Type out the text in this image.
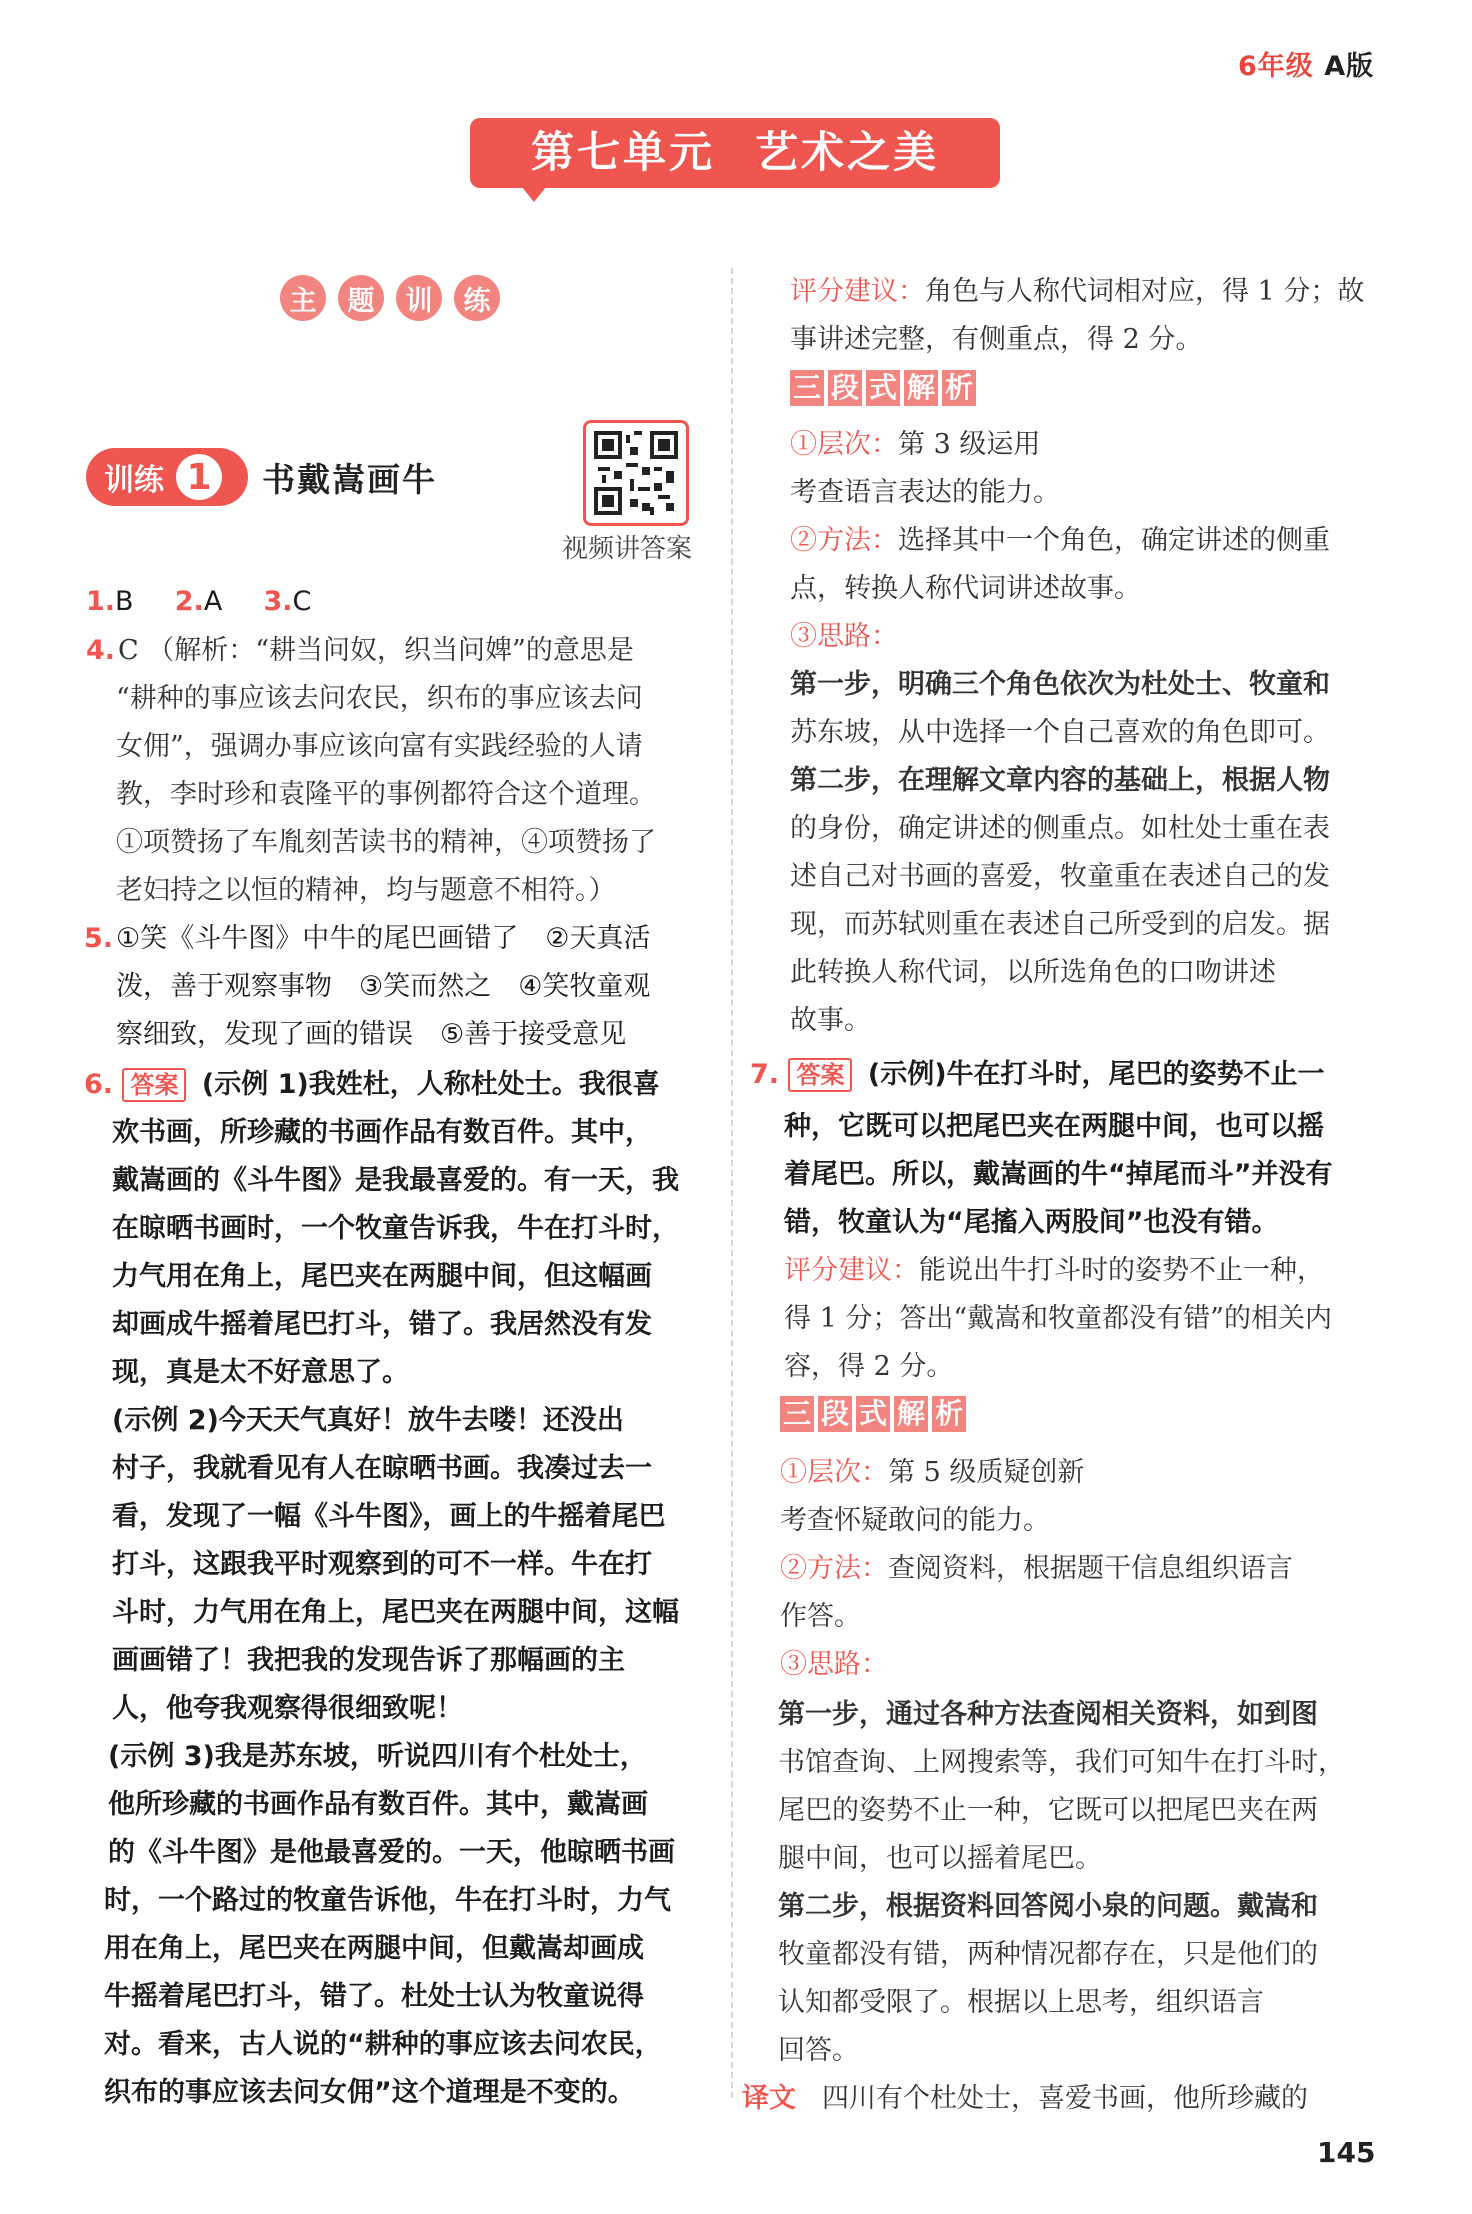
6年级 A版
第七单元 艺术之美
主	题	训	练
训练 1	书戴嵩画牛
视频讲答案
1.B 2.A 3.C
4. C （解析：“耕当问奴，织当问婢”的意思是
“耕种的事应该去问农民，织布的事应该去问
女佣”，强调办事应该向富有实践经验的人请
教，李时珍和袁隆平的事例都符合这个道理。
①项赞扬了车胤刻苦读书的精神，④项赞扬了
老妇持之以恒的精神，均与题意不相符。）
5. ①笑《斗牛图》中牛的尾巴画错了　②天真活
泼，善于观察事物　③笑而然之　④笑牧童观
察细致，发现了画的错误　⑤善于接受意见
6. 答案 (示例 1)我姓杜，人称杜处士。我很喜
欢书画，所珍藏的书画作品有数百件。其中，
戴嵩画的《斗牛图》是我最喜爱的。有一天，我
在晾晒书画时，一个牧童告诉我，牛在打斗时，
力气用在角上，尾巴夹在两腿中间，但这幅画
却画成牛摇着尾巴打斗，错了。我居然没有发
现，真是太不好意思了。
(示例 2)今天天气真好！放牛去喽！还没出
村子，我就看见有人在晾晒书画。我凑过去一
看，发现了一幅《斗牛图》，画上的牛摇着尾巴
打斗，这跟我平时观察到的可不一样。牛在打
斗时，力气用在角上，尾巴夹在两腿中间，这幅
画画错了！我把我的发现告诉了那幅画的主
人，他夸我观察得很细致呢！
(示例 3)我是苏东坡，听说四川有个杜处士，
他所珍藏的书画作品有数百件。其中，戴嵩画
的《斗牛图》是他最喜爱的。一天，他晾晒书画
时，一个路过的牧童告诉他，牛在打斗时，力气
用在角上，尾巴夹在两腿中间，但戴嵩却画成
牛摇着尾巴打斗，错了。杜处士认为牧童说得
对。看来，古人说的“耕种的事应该去问农民，
织布的事应该去问女佣”这个道理是不变的。
评分建议：角色与人称代词相对应，得 1 分；故
事讲述完整，有侧重点，得 2 分。
三 段 式 解 析
①层次：第 3 级运用
考查语言表达的能力。
②方法：选择其中一个角色，确定讲述的侧重
点，转换人称代词讲述故事。
③思路：
第一步，明确三个角色依次为杜处士、牧童和
苏东坡，从中选择一个自己喜欢的角色即可。
第二步，在理解文章内容的基础上，根据人物
的身份，确定讲述的侧重点。如杜处士重在表
述自己对书画的喜爱，牧童重在表述自己的发
现，而苏轼则重在表述自己所受到的启发。据
此转换人称代词，以所选角色的口吻讲述
故事。
7. 答案 (示例)牛在打斗时，尾巴的姿势不止一
种，它既可以把尾巴夹在两腿中间，也可以摇
着尾巴。所以，戴嵩画的牛“掉尾而斗”并没有
错，牧童认为“尾搐入两股间”也没有错。
评分建议：能说出牛打斗时的姿势不止一种，
得 1 分；答出“戴嵩和牧童都没有错”的相关内
容，得 2 分。
三 段 式 解 析
①层次：第 5 级质疑创新
考查怀疑敢问的能力。
②方法：查阅资料，根据题干信息组织语言
作答。
③思路：
第一步，通过各种方法查阅相关资料，如到图
书馆查询、上网搜索等，我们可知牛在打斗时，
尾巴的姿势不止一种，它既可以把尾巴夹在两
腿中间，也可以摇着尾巴。
第二步，根据资料回答阅小泉的问题。戴嵩和
牧童都没有错，两种情况都存在，只是他们的
认知都受限了。根据以上思考，组织语言
回答。
译文 四川有个杜处士，喜爱书画，他所珍藏的
145
